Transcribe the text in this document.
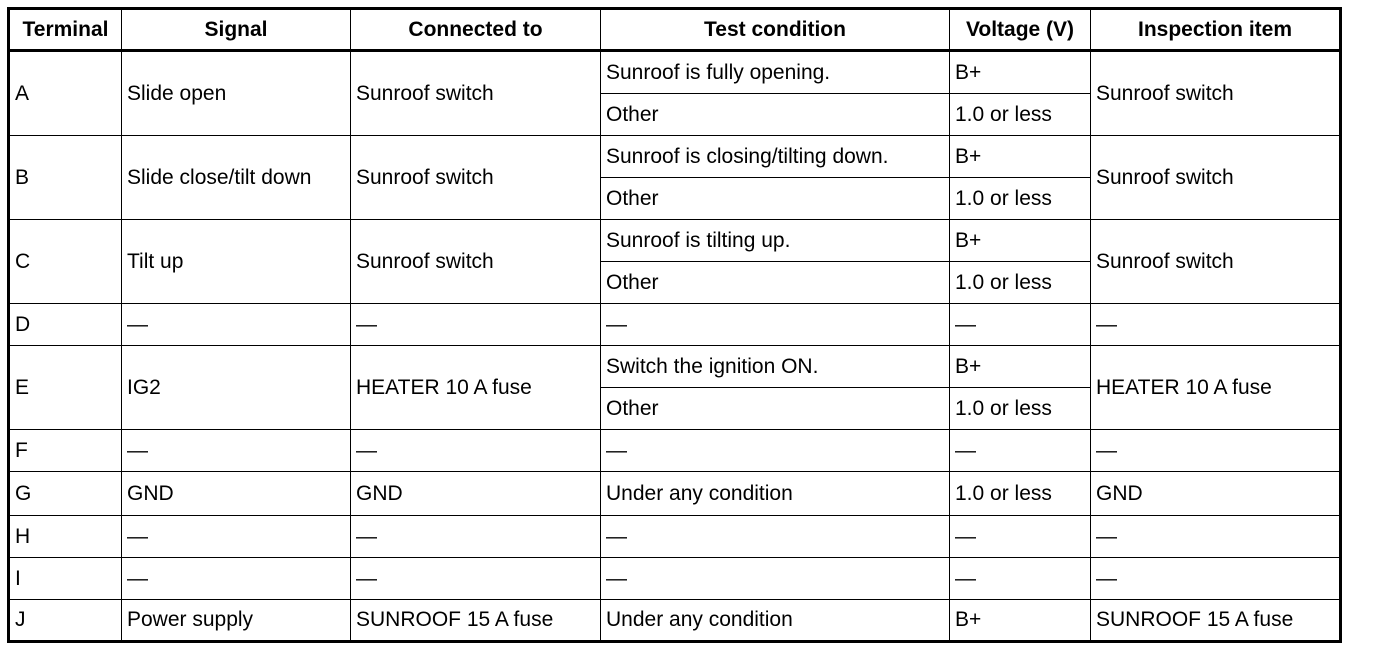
Terminal	Signal	Connected to	Test condition	Voltage (V)	Inspection item
A	Slide open	Sunroof switch	Sunroof is fully opening.	B+	Sunroof switch
			Other	1.0 or less	
B	Slide close/tilt down	Sunroof switch	Sunroof is closing/tilting down.	B+	Sunroof switch
			Other	1.0 or less	
C	Tilt up	Sunroof switch	Sunroof is tilting up.	B+	Sunroof switch
			Other	1.0 or less	
D	—	—	—	—	—
E	IG2	HEATER 10 A fuse	Switch the ignition ON.	B+	HEATER 10 A fuse
			Other	1.0 or less	
F	—	—	—	—	—
G	GND	GND	Under any condition	1.0 or less	GND
H	—	—	—	—	—
I	—	—	—	—	—
J	Power supply	SUNROOF 15 A fuse	Under any condition	B+	SUNROOF 15 A fuse
